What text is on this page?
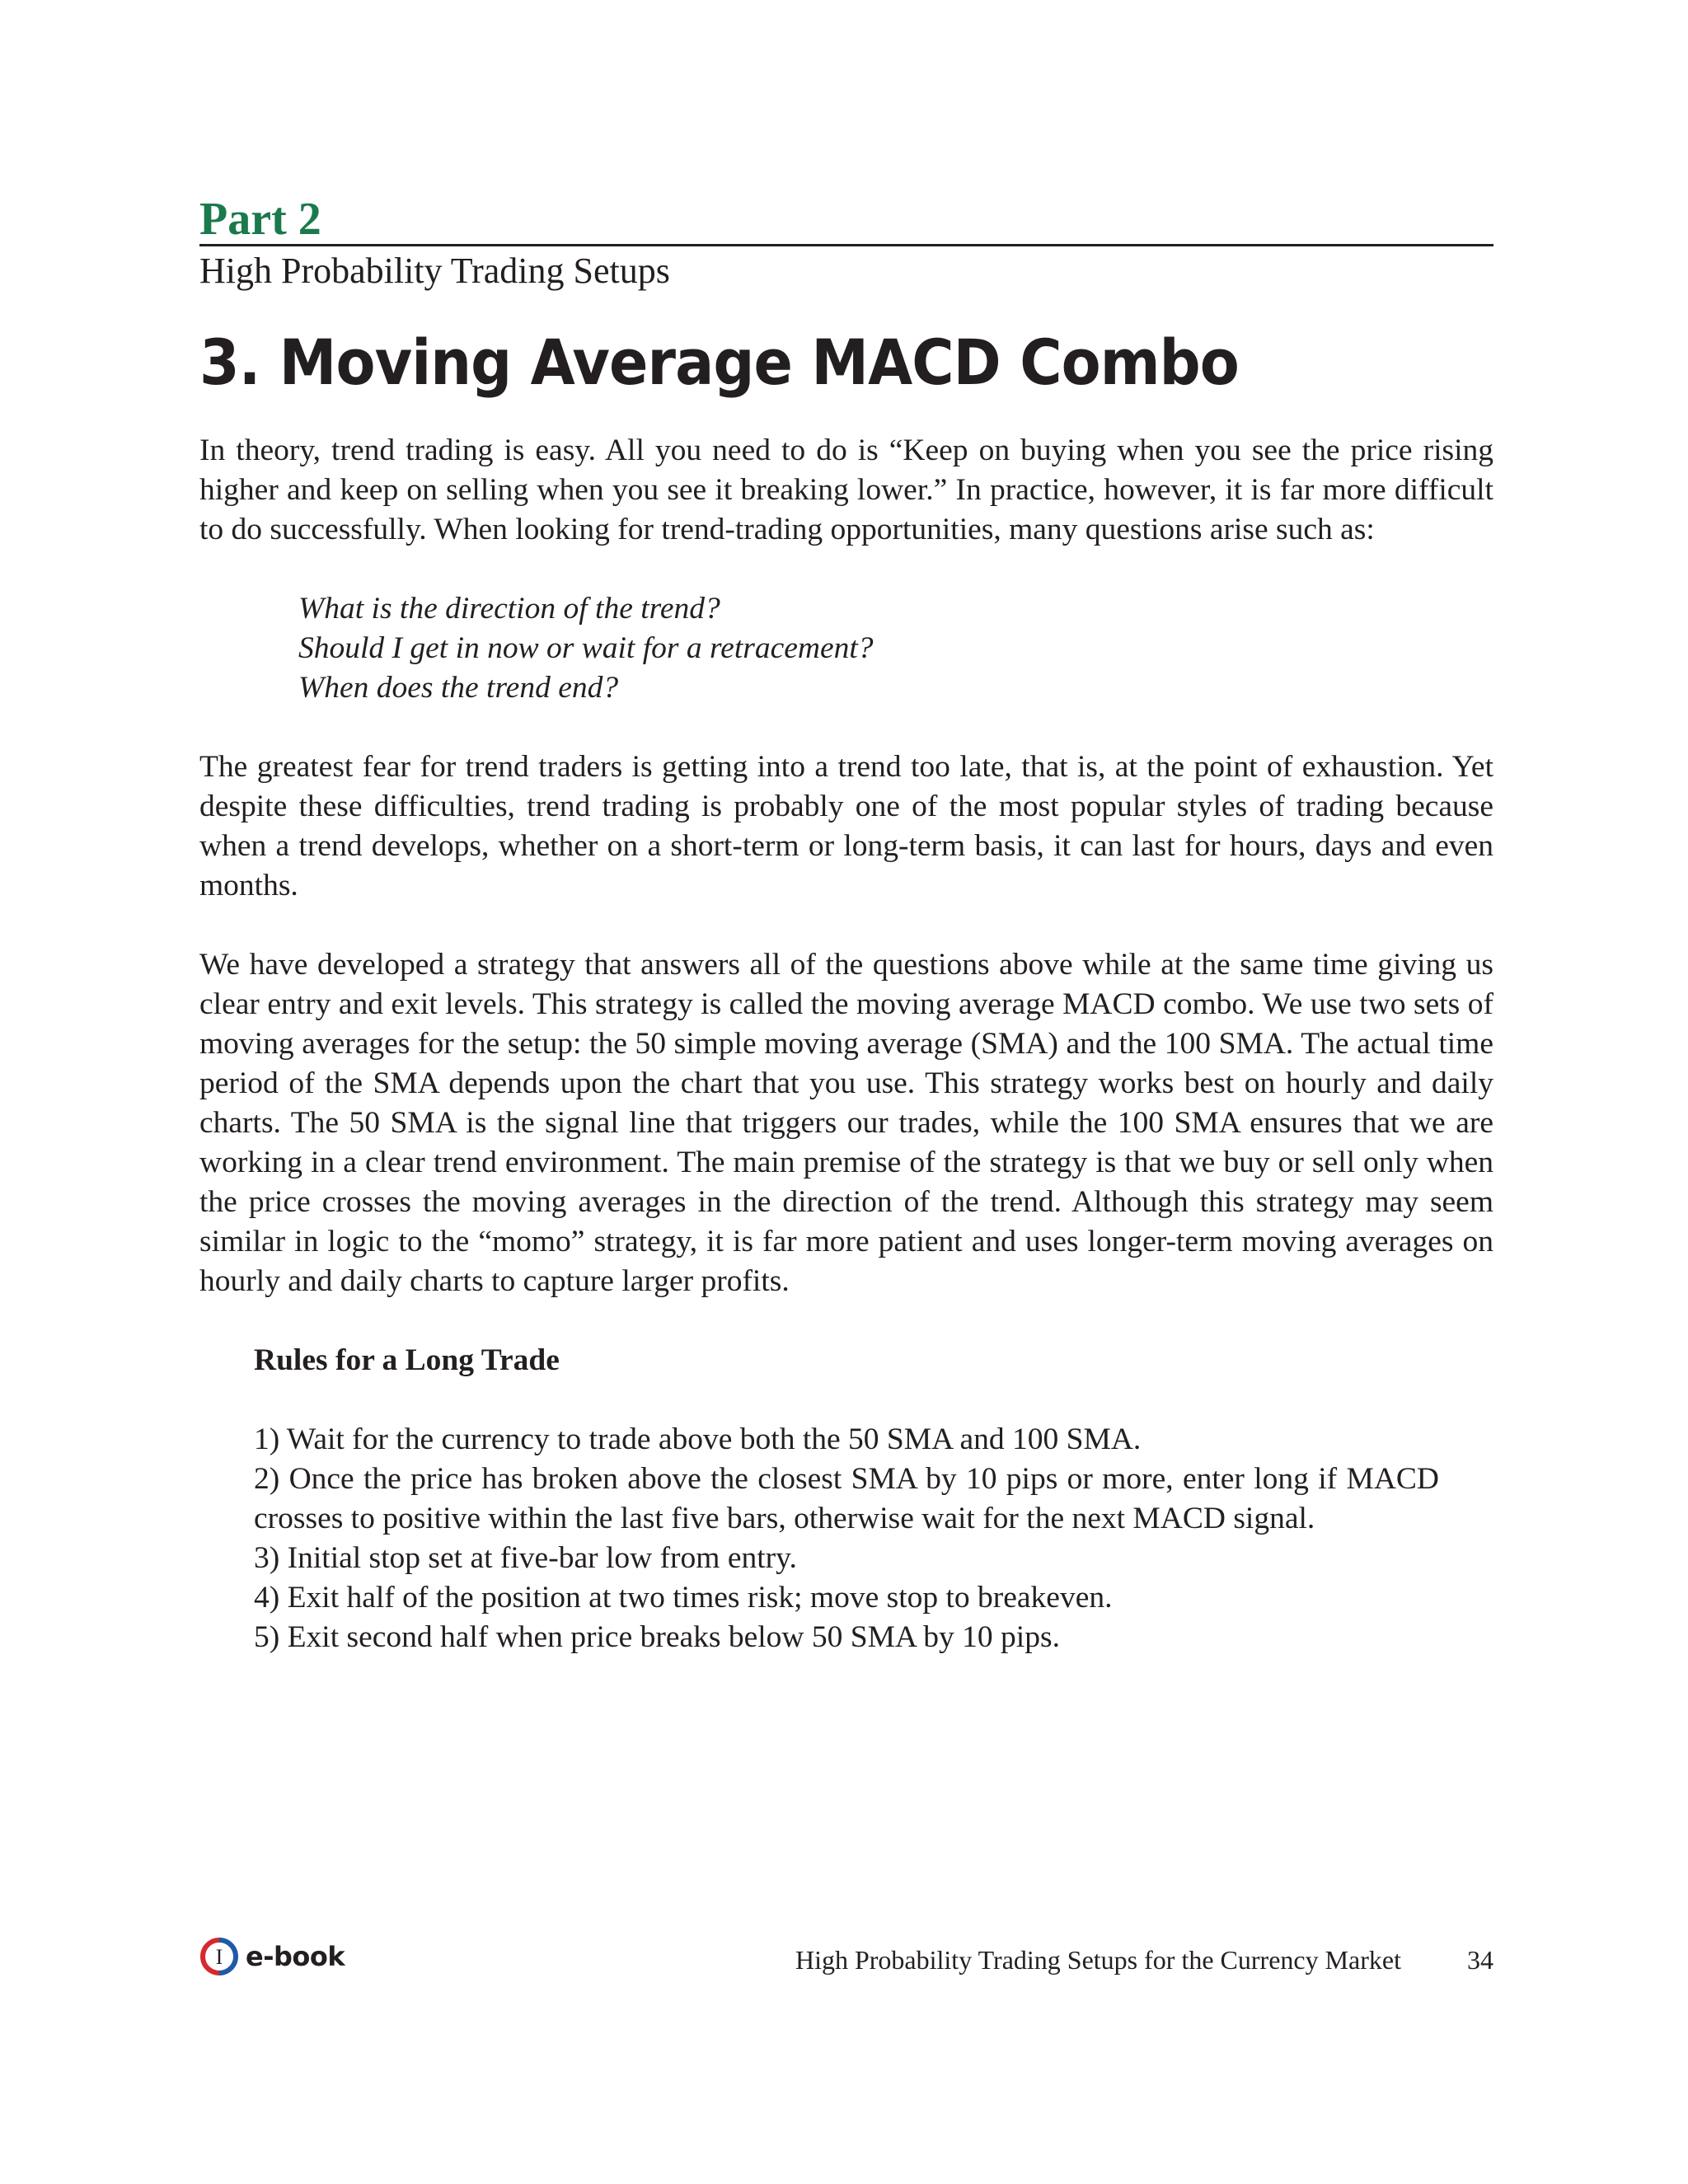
Part 2
High Probability Trading Setups
3. Moving Average MACD Combo

In theory, trend trading is easy. All you need to do is “Keep on buying when you see the price rising higher and keep on selling when you see it breaking lower.” In practice, however, it is far more difficult to do successfully. When looking for trend-trading opportunities, many questions arise such as:

What is the direction of the trend?
Should I get in now or wait for a retracement?
When does the trend end?

The greatest fear for trend traders is getting into a trend too late, that is, at the point of exhaustion. Yet despite these difficulties, trend trading is probably one of the most popular styles of trading because when a trend develops, whether on a short-term or long-term basis, it can last for hours, days and even months.

We have developed a strategy that answers all of the questions above while at the same time giving us clear entry and exit levels. This strategy is called the moving average MACD combo. We use two sets of moving averages for the setup: the 50 simple moving average (SMA) and the 100 SMA. The actual time period of the SMA depends upon the chart that you use. This strategy works best on hourly and daily charts. The 50 SMA is the signal line that triggers our trades, while the 100 SMA ensures that we are working in a clear trend environment. The main premise of the strategy is that we buy or sell only when the price crosses the moving averages in the direction of the trend. Although this strategy may seem similar in logic to the “momo” strategy, it is far more patient and uses longer-term moving averages on hourly and daily charts to capture larger profits.

Rules for a Long Trade
1) Wait for the currency to trade above both the 50 SMA and 100 SMA.
2) Once the price has broken above the closest SMA by 10 pips or more, enter long if MACD crosses to positive within the last five bars, otherwise wait for the next MACD signal.
3) Initial stop set at five-bar low from entry.
4) Exit half of the position at two times risk; move stop to breakeven.
5) Exit second half when price breaks below 50 SMA by 10 pips.
I e-book	High Probability Trading Setups for the Currency Market	34
